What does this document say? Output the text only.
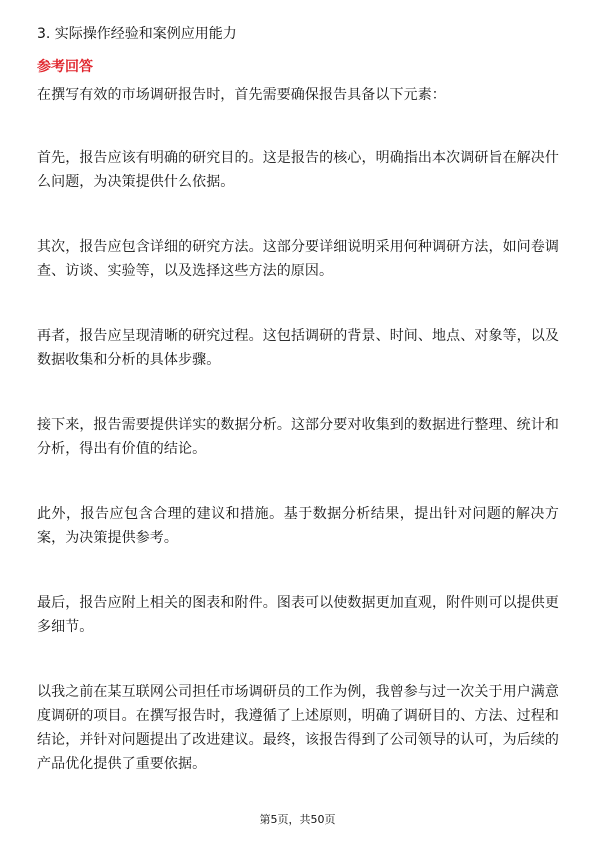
3. 实际操作经验和案例应用能力
参考回答
在撰写有效的市场调研报告时，首先需要确保报告具备以下元素：
首先，报告应该有明确的研究目的。这是报告的核心，明确指出本次调研旨在解决什么问题，为决策提供什么依据。
其次，报告应包含详细的研究方法。这部分要详细说明采用何种调研方法，如问卷调查、访谈、实验等，以及选择这些方法的原因。
再者，报告应呈现清晰的研究过程。这包括调研的背景、时间、地点、对象等，以及数据收集和分析的具体步骤。
接下来，报告需要提供详实的数据分析。这部分要对收集到的数据进行整理、统计和分析，得出有价值的结论。
此外，报告应包含合理的建议和措施。基于数据分析结果，提出针对问题的解决方案，为决策提供参考。
最后，报告应附上相关的图表和附件。图表可以使数据更加直观，附件则可以提供更多细节。
以我之前在某互联网公司担任市场调研员的工作为例，我曾参与过一次关于用户满意度调研的项目。在撰写报告时，我遵循了上述原则，明确了调研目的、方法、过程和结论，并针对问题提出了改进建议。最终，该报告得到了公司领导的认可，为后续的产品优化提供了重要依据。
第5页，共50页
